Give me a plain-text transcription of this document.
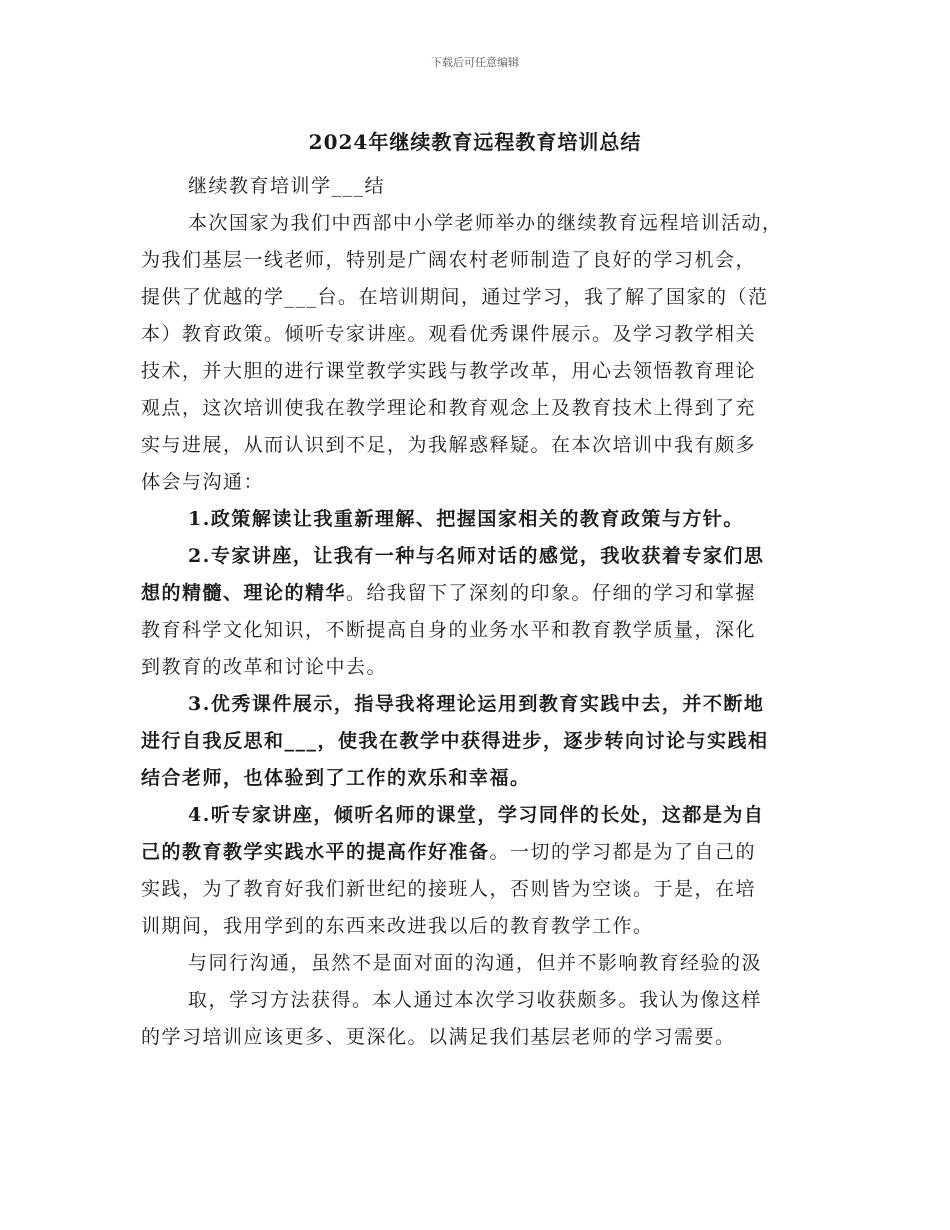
下载后可任意编辑
2024年继续教育远程教育培训总结
继续教育培训学___结
本次国家为我们中西部中小学老师举办的继续教育远程培训活动，
为我们基层一线老师，特别是广阔农村老师制造了良好的学习机会，
提供了优越的学___台。在培训期间，通过学习，我了解了国家的（范
本）教育政策。倾听专家讲座。观看优秀课件展示。及学习教学相关
技术，并大胆的进行课堂教学实践与教学改革，用心去领悟教育理论
观点，这次培训使我在教学理论和教育观念上及教育技术上得到了充
实与进展，从而认识到不足，为我解惑释疑。在本次培训中我有颇多
体会与沟通：
1.政策解读让我重新理解、把握国家相关的教育政策与方针。
2.专家讲座，让我有一种与名师对话的感觉，我收获着专家们思
想的精髓、理论的精华。给我留下了深刻的印象。仔细的学习和掌握
教育科学文化知识，不断提高自身的业务水平和教育教学质量，深化
到教育的改革和讨论中去。
3.优秀课件展示，指导我将理论运用到教育实践中去，并不断地
进行自我反思和___，使我在教学中获得进步，逐步转向讨论与实践相
结合老师，也体验到了工作的欢乐和幸福。
4.听专家讲座，倾听名师的课堂，学习同伴的长处，这都是为自
己的教育教学实践水平的提高作好准备。一切的学习都是为了自己的
实践，为了教育好我们新世纪的接班人，否则皆为空谈。于是，在培
训期间，我用学到的东西来改进我以后的教育教学工作。
与同行沟通，虽然不是面对面的沟通，但并不影响教育经验的汲
取，学习方法获得。本人通过本次学习收获颇多。我认为像这样
的学习培训应该更多、更深化。以满足我们基层老师的学习需要。
